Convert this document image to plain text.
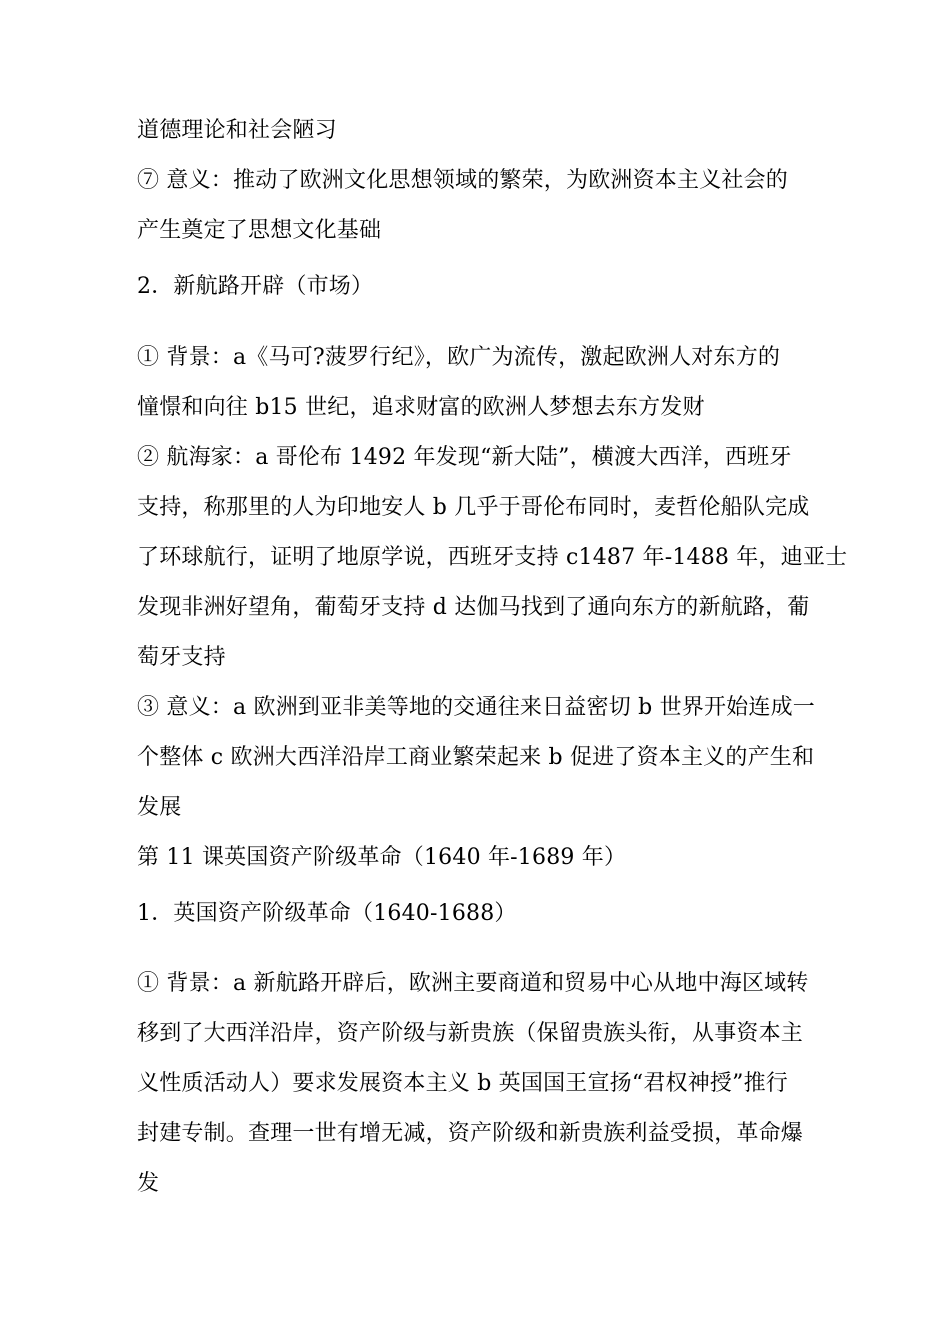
道德理论和社会陋习
⑦ 意义：推动了欧洲文化思想领域的繁荣，为欧洲资本主义社会的
产生奠定了思想文化基础
2．新航路开辟（市场）
① 背景：a《马可?菠罗行纪》，欧广为流传，激起欧洲人对东方的
憧憬和向往 b15 世纪，追求财富的欧洲人梦想去东方发财
② 航海家：a 哥伦布 1492 年发现“新大陆”，横渡大西洋，西班牙
支持，称那里的人为印地安人 b 几乎于哥伦布同时，麦哲伦船队完成
了环球航行，证明了地原学说，西班牙支持 c1487 年-1488 年，迪亚士
发现非洲好望角，葡萄牙支持 d 达伽马找到了通向东方的新航路，葡
萄牙支持
③ 意义：a 欧洲到亚非美等地的交通往来日益密切 b 世界开始连成一
个整体 c 欧洲大西洋沿岸工商业繁荣起来 b 促进了资本主义的产生和
发展
第 11 课英国资产阶级革命（1640 年-1689 年）
1．英国资产阶级革命（1640-1688）
① 背景：a 新航路开辟后，欧洲主要商道和贸易中心从地中海区域转
移到了大西洋沿岸，资产阶级与新贵族（保留贵族头衔，从事资本主
义性质活动人）要求发展资本主义 b 英国国王宣扬“君权神授”推行
封建专制。查理一世有增无减，资产阶级和新贵族利益受损，革命爆
发
